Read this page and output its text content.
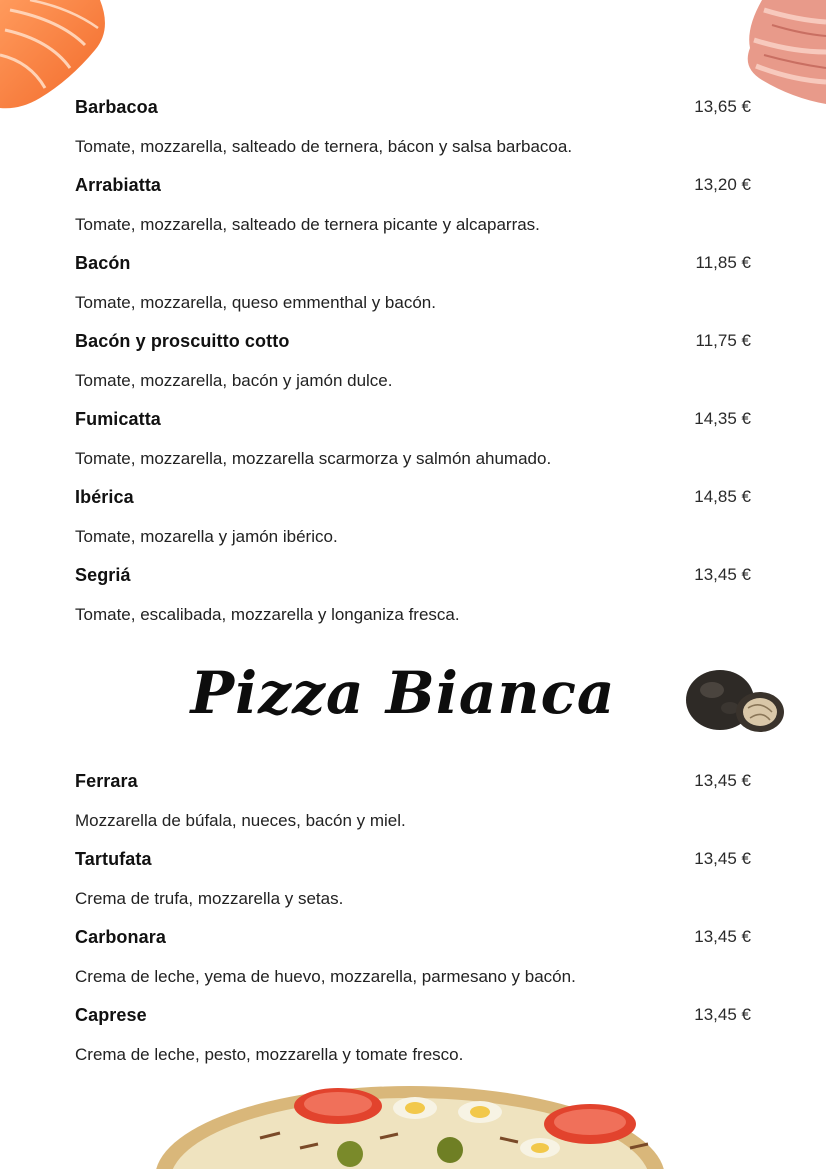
Barbacoa	13,65 €
Tomate, mozzarella, salteado de ternera, bácon y salsa barbacoa.
Arrabiatta	13,20 €
Tomate, mozzarella, salteado de ternera picante y alcaparras.
Bacón	11,85 €
Tomate, mozzarella, queso emmenthal y bacón.
Bacón y proscuitto cotto	11,75 €
Tomate, mozzarella, bacón y jamón dulce.
Fumicatta	14,35 €
Tomate, mozzarella, mozzarella scarmorza y salmón ahumado.
Ibérica	14,85 €
Tomate, mozarella y jamón ibérico.
Segriá	13,45 €
Tomate, escalibada, mozzarella y longaniza fresca.
Pizza Bianca
Ferrara	13,45 €
Mozzarella de búfala, nueces, bacón y miel.
Tartufata	13,45 €
Crema de trufa, mozzarella y setas.
Carbonara	13,45 €
Crema de leche, yema de huevo, mozzarella, parmesano y bacón.
Caprese	13,45 €
Crema de leche, pesto, mozzarella y tomate fresco.
